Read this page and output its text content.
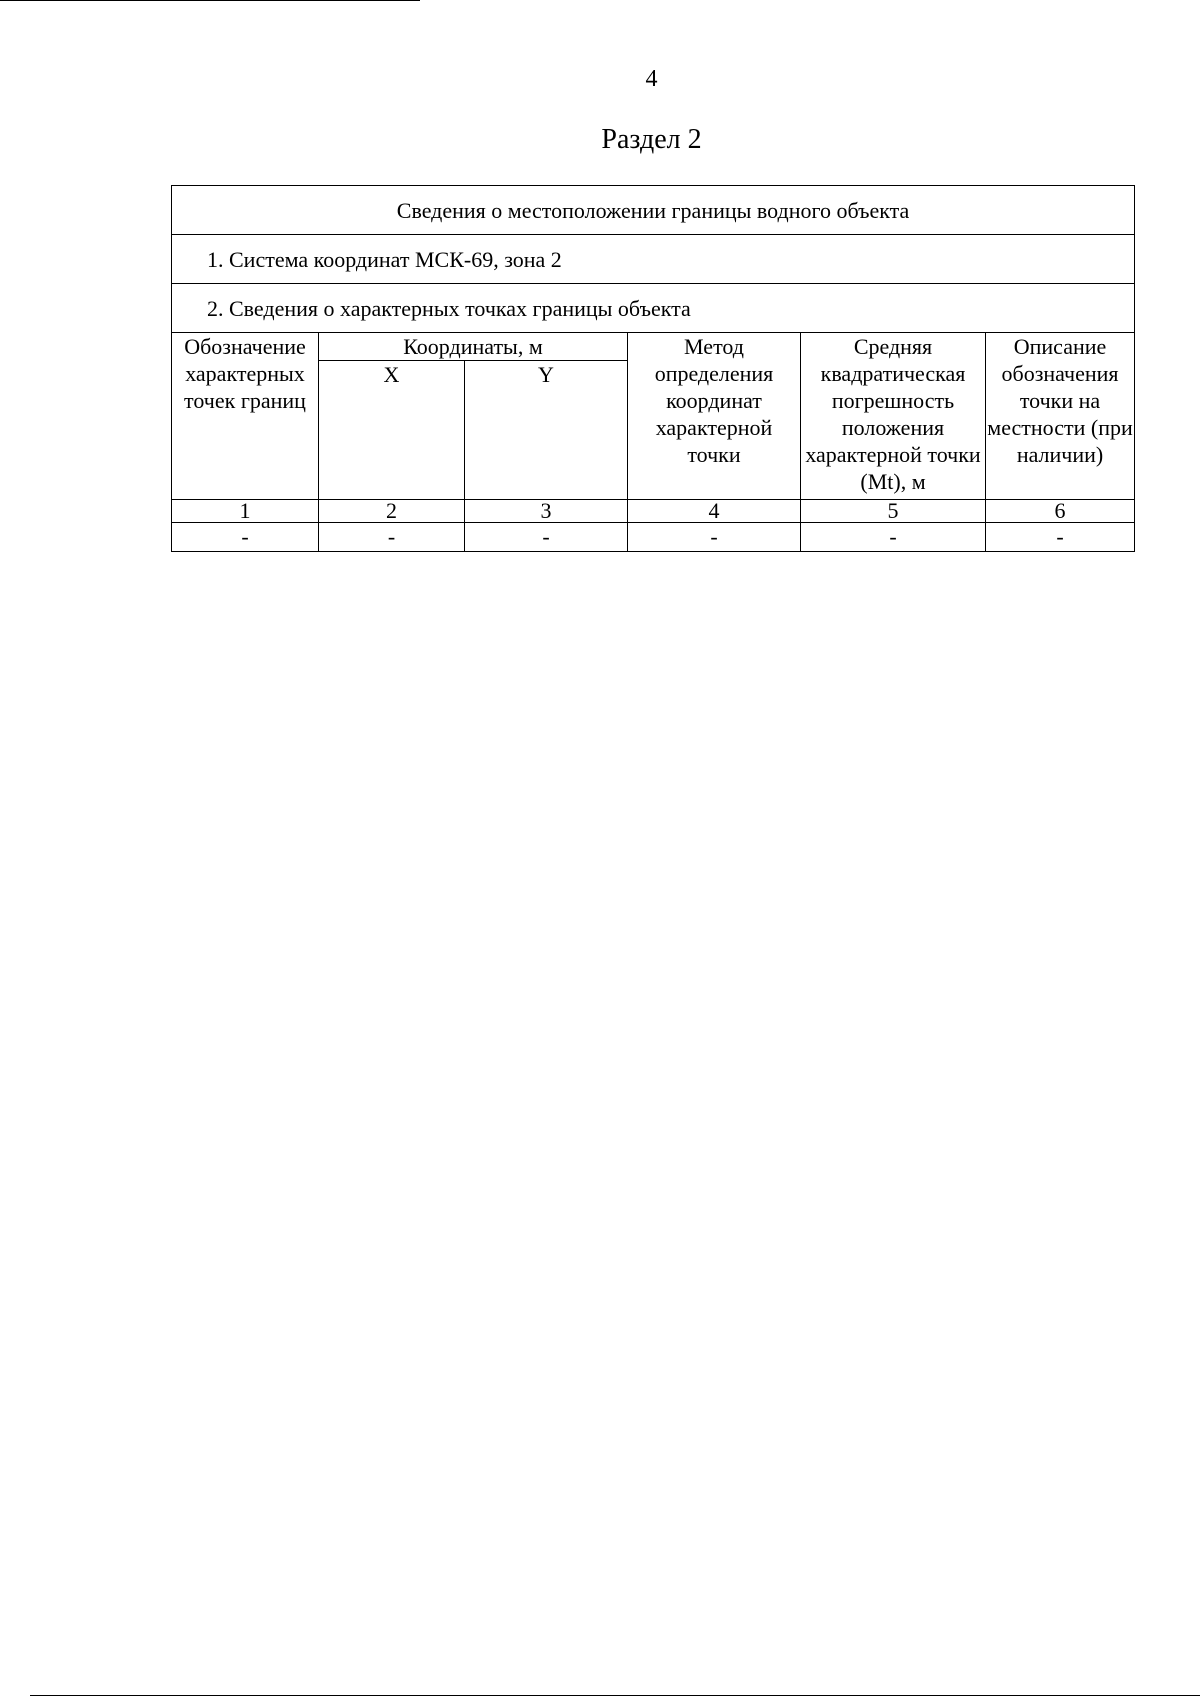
4
Раздел 2
Сведения о местоположении границы водного объекта					
1. Система координат МСК-69, зона 2					
2. Сведения о характерных точках границы объекта					
Обозначение характерных точек границ	Координаты, м		Метод определения координат характерной точки	Средняя квадратическая погрешность положения характерной точки (Mt), м	Описание обозначения точки на местности (при наличии)
	X	Y			
1	2	3	4	5	6
-	-	-	-	-	-
